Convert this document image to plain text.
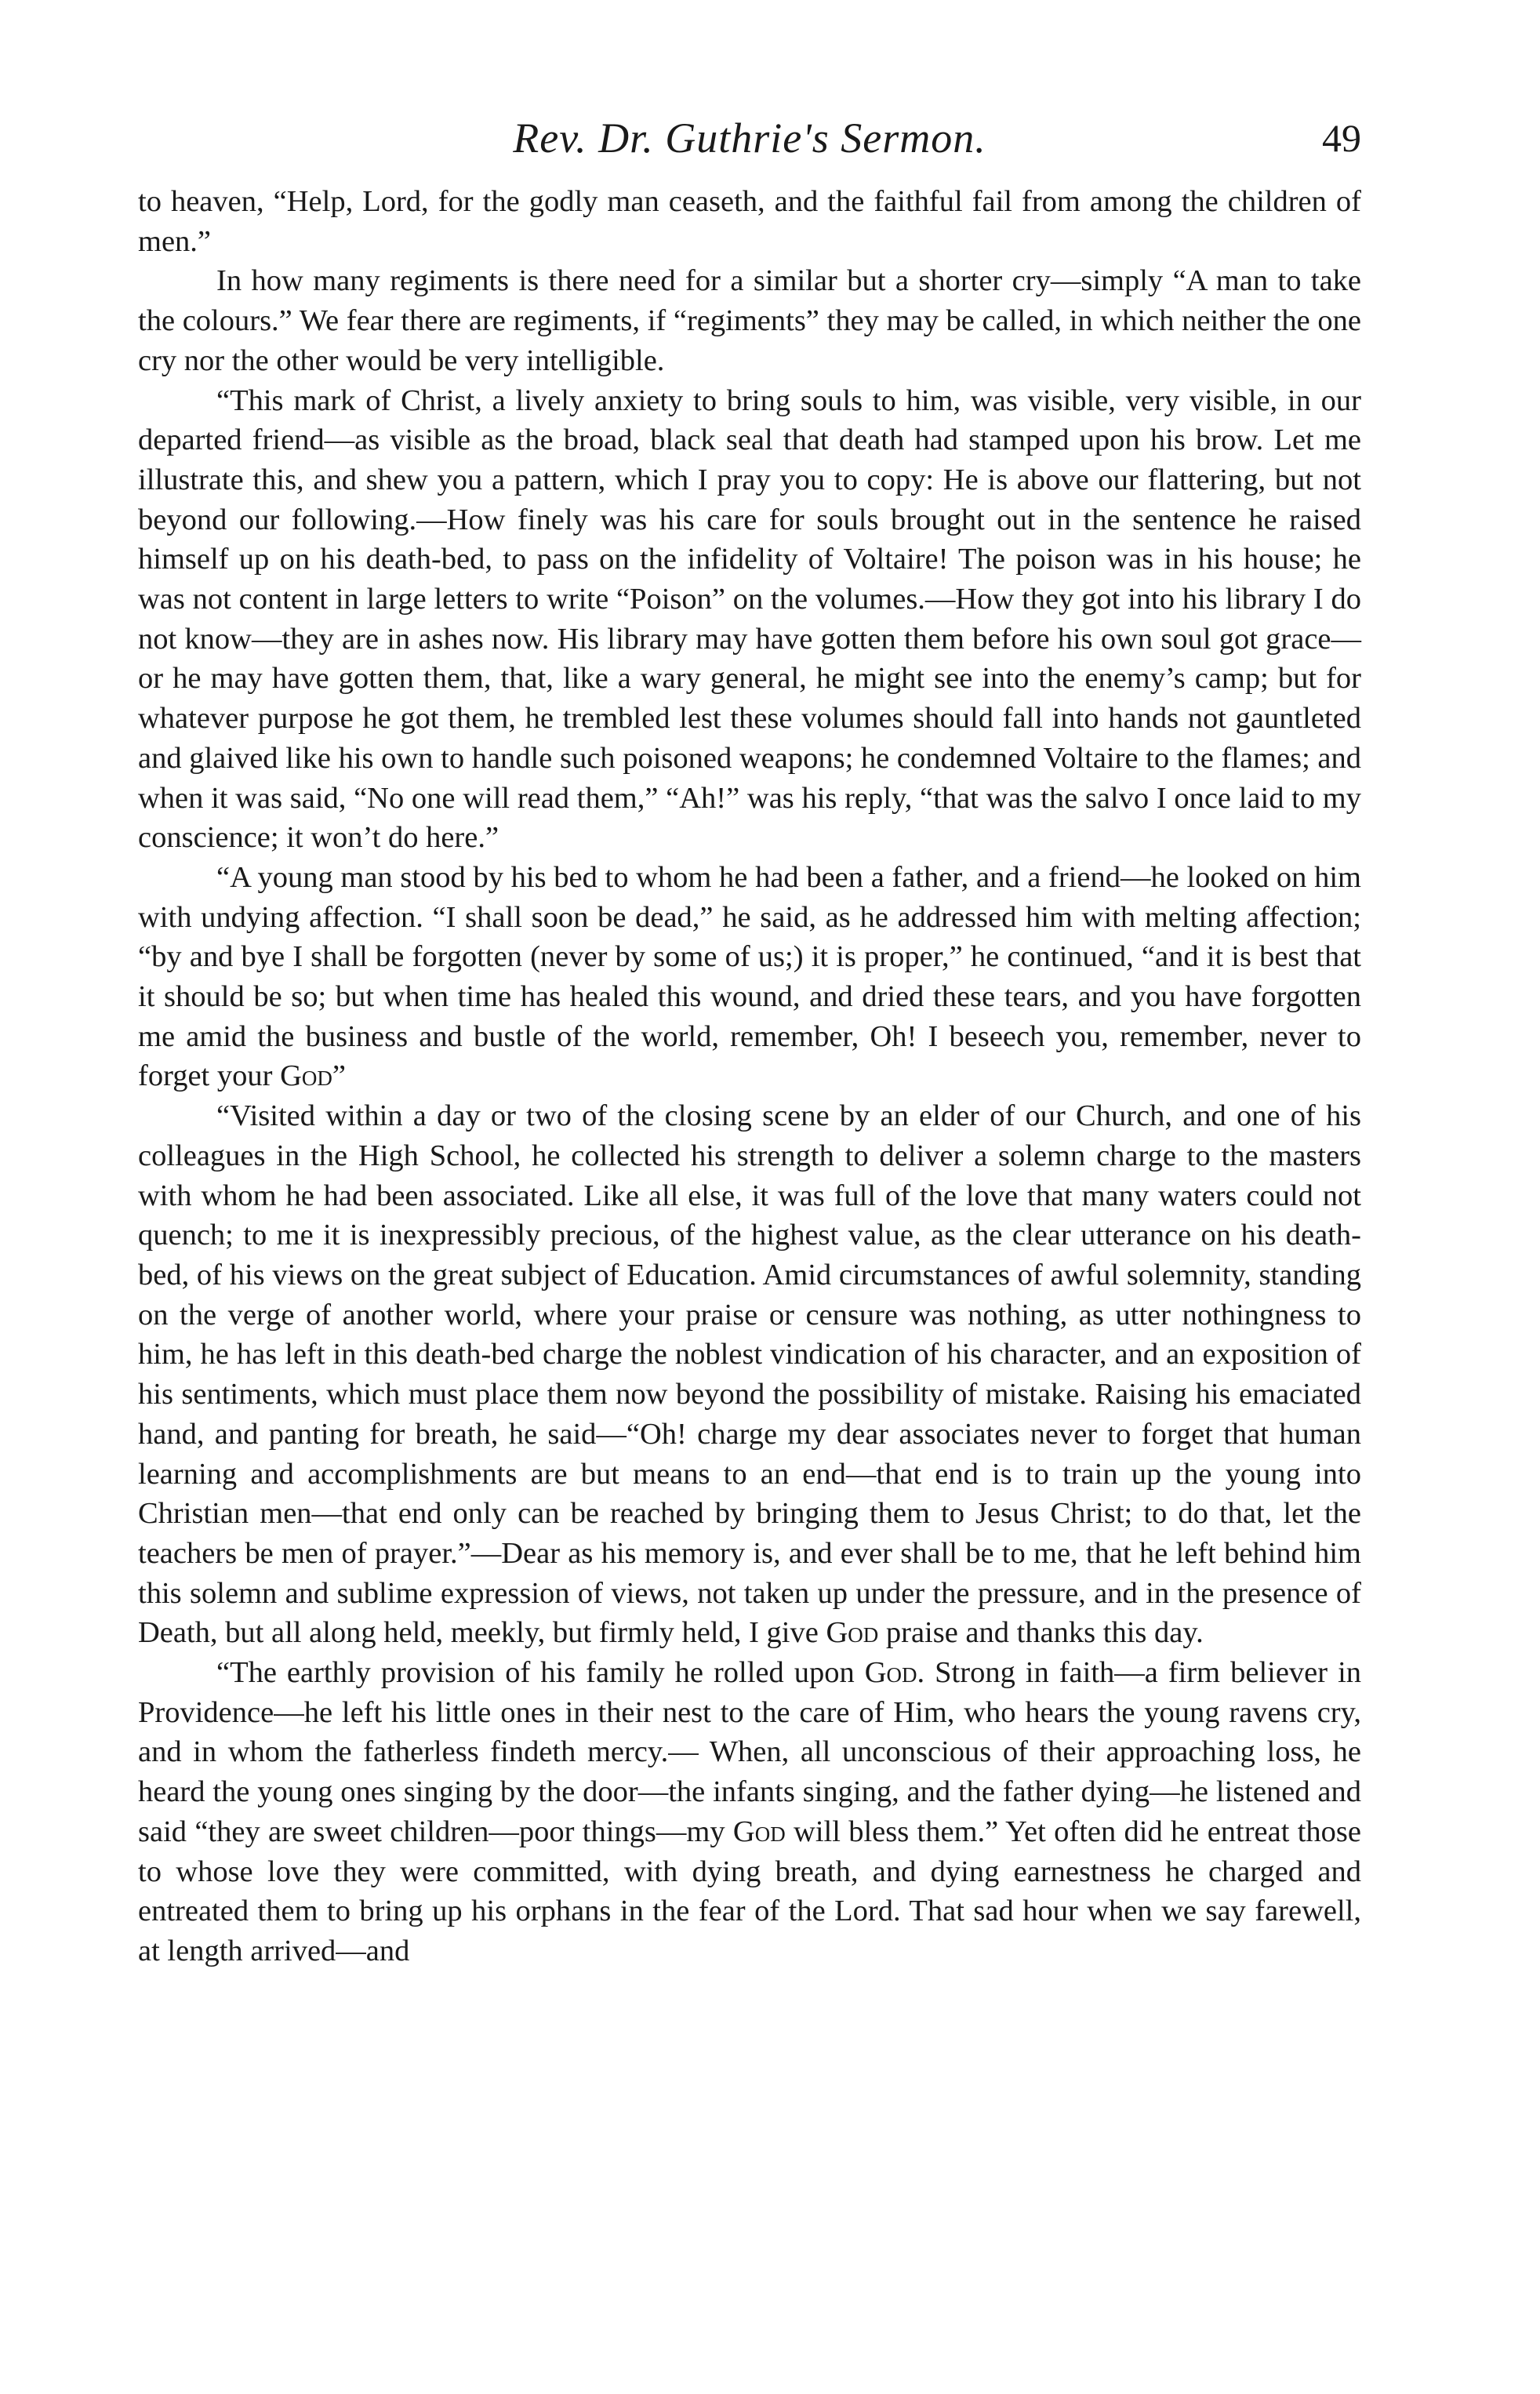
Rev. Dr. Guthrie's Sermon.	49

to heaven, “Help, Lord, for the godly man ceaseth, and the faithful fail from among the children of men.”

In how many regiments is there need for a similar but a shorter cry—simply “A man to take the colours.” We fear there are regiments, if “regiments” they may be called, in which neither the one cry nor the other would be very intelligible.

“This mark of Christ, a lively anxiety to bring souls to him, was visible, very visible, in our departed friend—as visible as the broad, black seal that death had stamped upon his brow. Let me illustrate this, and shew you a pattern, which I pray you to copy: He is above our flattering, but not beyond our following.—How finely was his care for souls brought out in the sentence he raised himself up on his death-bed, to pass on the infidelity of Voltaire! The poison was in his house; he was not content in large letters to write “Poison” on the volumes.—How they got into his library I do not know—they are in ashes now. His library may have gotten them before his own soul got grace—or he may have gotten them, that, like a wary general, he might see into the enemy’s camp; but for whatever purpose he got them, he trembled lest these volumes should fall into hands not gauntleted and glaived like his own to handle such poisoned weapons; he condemned Voltaire to the flames; and when it was said, “No one will read them,” “Ah!” was his reply, “that was the salvo I once laid to my conscience; it won’t do here.”

“A young man stood by his bed to whom he had been a father, and a friend—he looked on him with undying affection. “I shall soon be dead,” he said, as he addressed him with melting affection; “by and bye I shall be forgotten (never by some of us;) it is proper,” he continued, “and it is best that it should be so; but when time has healed this wound, and dried these tears, and you have forgotten me amid the business and bustle of the world, remember, Oh! I beseech you, remember, never to forget your God”

“Visited within a day or two of the closing scene by an elder of our Church, and one of his colleagues in the High School, he collected his strength to deliver a solemn charge to the masters with whom he had been associated. Like all else, it was full of the love that many waters could not quench; to me it is inexpressibly precious, of the highest value, as the clear utterance on his death-bed, of his views on the great subject of Education. Amid circumstances of awful solemnity, standing on the verge of another world, where your praise or censure was nothing, as utter nothingness to him, he has left in this death-bed charge the noblest vindication of his character, and an exposition of his sentiments, which must place them now beyond the possibility of mistake. Raising his emaciated hand, and panting for breath, he said—“Oh! charge my dear associates never to forget that human learning and accomplishments are but means to an end—that end is to train up the young into Christian men—that end only can be reached by bringing them to Jesus Christ; to do that, let the teachers be men of prayer.”—Dear as his memory is, and ever shall be to me, that he left behind him this solemn and sublime expression of views, not taken up under the pressure, and in the presence of Death, but all along held, meekly, but firmly held, I give God praise and thanks this day.

“The earthly provision of his family he rolled upon God. Strong in faith—a firm believer in Providence—he left his little ones in their nest to the care of Him, who hears the young ravens cry, and in whom the fatherless findeth mercy.— When, all unconscious of their approaching loss, he heard the young ones singing by the door—the infants singing, and the father dying—he listened and said “they are sweet children—poor things—my God will bless them.” Yet often did he entreat those to whose love they were committed, with dying breath, and dying earnestness he charged and entreated them to bring up his orphans in the fear of the Lord. That sad hour when we say farewell, at length arrived—and
